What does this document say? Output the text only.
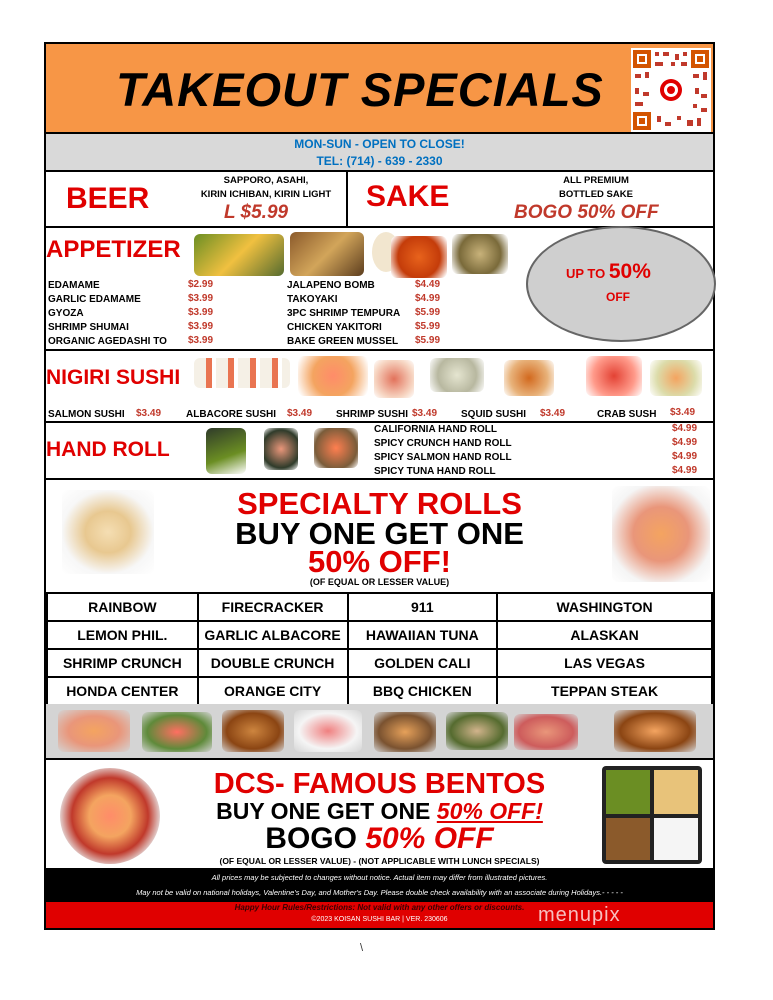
TAKEOUT SPECIALS
MON-SUN - OPEN TO CLOSE!
TEL: (714) - 639 - 2330
BEER
SAPPORO, ASAHI,
KIRIN ICHIBAN, KIRIN LIGHT
L $5.99	SAKE	ALL PREMIUM
BOTTLED SAKE
BOGO 50% OFF
APPETIZER
UP TO 50%
OFF
EDAMAME	$2.99
GARLIC EDAMAME	$3.99
GYOZA	$3.99
SHRIMP SHUMAI	$3.99
ORGANIC AGEDASHI TO	$3.99
JALAPENO BOMB	$4.49
TAKOYAKI	$4.99
3PC SHRIMP TEMPURA	$5.99
CHICKEN YAKITORI	$5.99
BAKE GREEN MUSSEL $5.99
NIGIRI SUSHI
SALMON SUSHI $3.49 ALBACORE SUSHI $3.49 SHRIMP SUSHI $3.49 SQUID SUSHI $3.49	CRAB SUSH $3.49
HAND ROLL
CALIFORNIA HAND ROLL	$4.99
SPICY CRUNCH HAND ROLL	$4.99
SPICY SALMON HAND ROLL	$4.99
SPICY TUNA HAND ROLL	$4.99
SPECIALTY ROLLS
BUY ONE GET ONE
50% OFF!
(OF EQUAL OR LESSER VALUE)
RAINBOW	FIRECRACKER	911	WASHINGTON
LEMON PHIL.	GARLIC ALBACORE	HAWAIIAN TUNA	ALASKAN
SHRIMP CRUNCH	DOUBLE CRUNCH	GOLDEN CALI	LAS VEGAS
HONDA CENTER	ORANGE CITY	BBQ CHICKEN	TEPPAN STEAK
DCS- FAMOUS BENTOS
BUY ONE GET ONE 50% OFF!
BOGO 50% OFF
(OF EQUAL OR LESSER VALUE) - (NOT APPLICABLE WITH LUNCH SPECIALS)
All prices may be subjected to changes without notice. Actual item may differ from illustrated pictures.
May not be valid on national holidays, Valentine's Day, and Mother's Day. Please double check availability with an associate during Holidays.- - - - -
Happy Hour Rules/Restrictions: Not valid with any other offers or discounts.
©2023 KOISAN SUSHI BAR | VER. 230606	menupix
\
